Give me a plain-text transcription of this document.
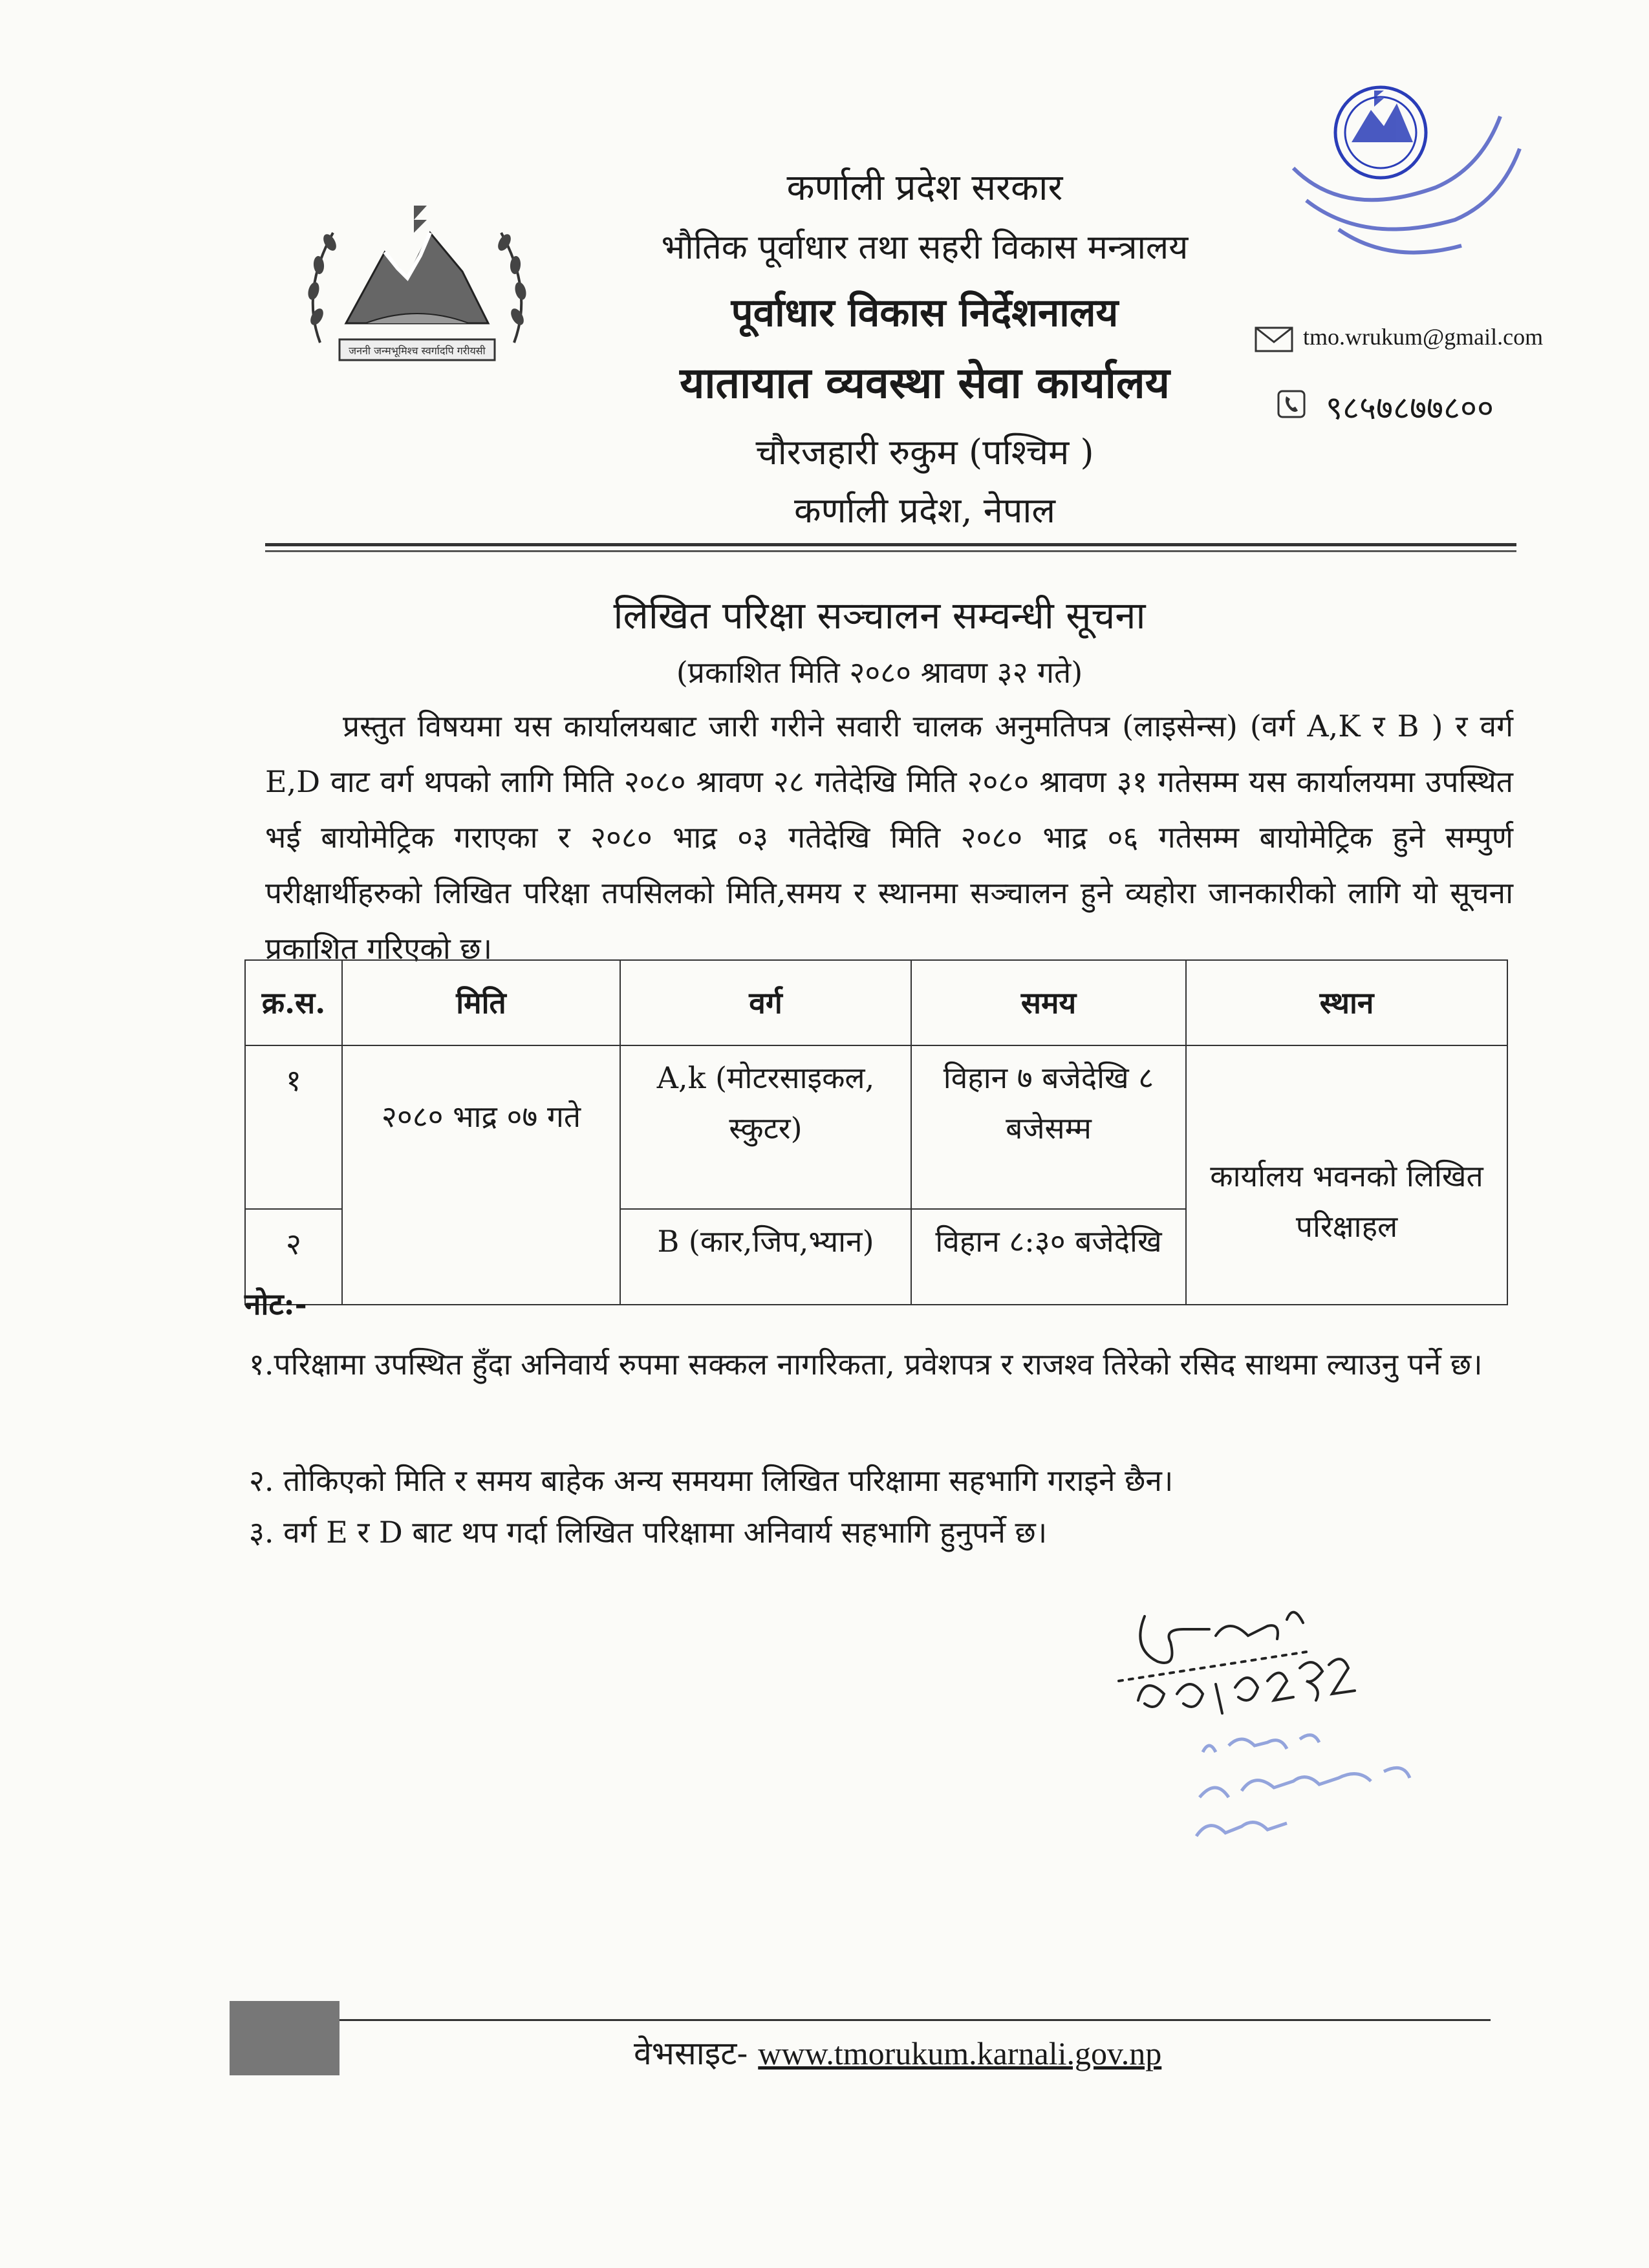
जननी जन्मभूमिश्च स्वर्गादपि गरीयसी
कर्णाली प्रदेश सरकार
भौतिक पूर्वाधार तथा सहरी विकास मन्त्रालय
पूर्वाधार विकास निर्देशनालय
यातायात व्यवस्था सेवा कार्यालय
चौरजहारी रुकुम (पश्चिम )
कर्णाली प्रदेश, नेपाल
tmo.wrukum@gmail.com
९८५७८७७८००
लिखित परिक्षा सञ्चालन सम्वन्धी सूचना
(प्रकाशित मिति २०८० श्रावण ३२ गते)

प्रस्तुत विषयमा यस कार्यालयबाट जारी गरीने सवारी चालक अनुमतिपत्र (लाइसेन्स) (वर्ग A,K र B ) र वर्ग E,D वाट वर्ग थपको लागि मिति २०८० श्रावण २८ गतेदेखि मिति २०८० श्रावण ३१ गतेसम्म यस कार्यालयमा उपस्थित भई बायोमेट्रिक गराएका र २०८० भाद्र ०३ गतेदेखि मिति २०८० भाद्र ०६ गतेसम्म बायोमेट्रिक हुने सम्पुर्ण परीक्षार्थीहरुको लिखित परिक्षा तपसिलको मिति,समय र स्थानमा सञ्चालन हुने व्यहोरा जानकारीको लागि यो सूचना प्रकाशित गरिएको छ।

क्र.स.	मिति	वर्ग	समय	स्थान
१	२०८० भाद्र ०७ गते	A,k (मोटरसाइकल, स्कुटर)	विहान ७ बजेदेखि ८ बजेसम्म	कार्यालय भवनको लिखित परिक्षाहल
२		B (कार,जिप,भ्यान)	विहान ८:३० बजेदेखि	
नोट:-
१.परिक्षामा उपस्थित हुँदा अनिवार्य रुपमा सक्कल नागरिकता, प्रवेशपत्र र राजश्व तिरेको रसिद साथमा ल्याउनु पर्ने छ।
२. तोकिएको मिति र समय बाहेक अन्य समयमा लिखित परिक्षामा सहभागि गराइने छैन।
३. वर्ग E र D बाट थप गर्दा लिखित परिक्षामा अनिवार्य सहभागि हुनुपर्ने छ।
वेभसाइट- www.tmorukum.karnali.gov.np
